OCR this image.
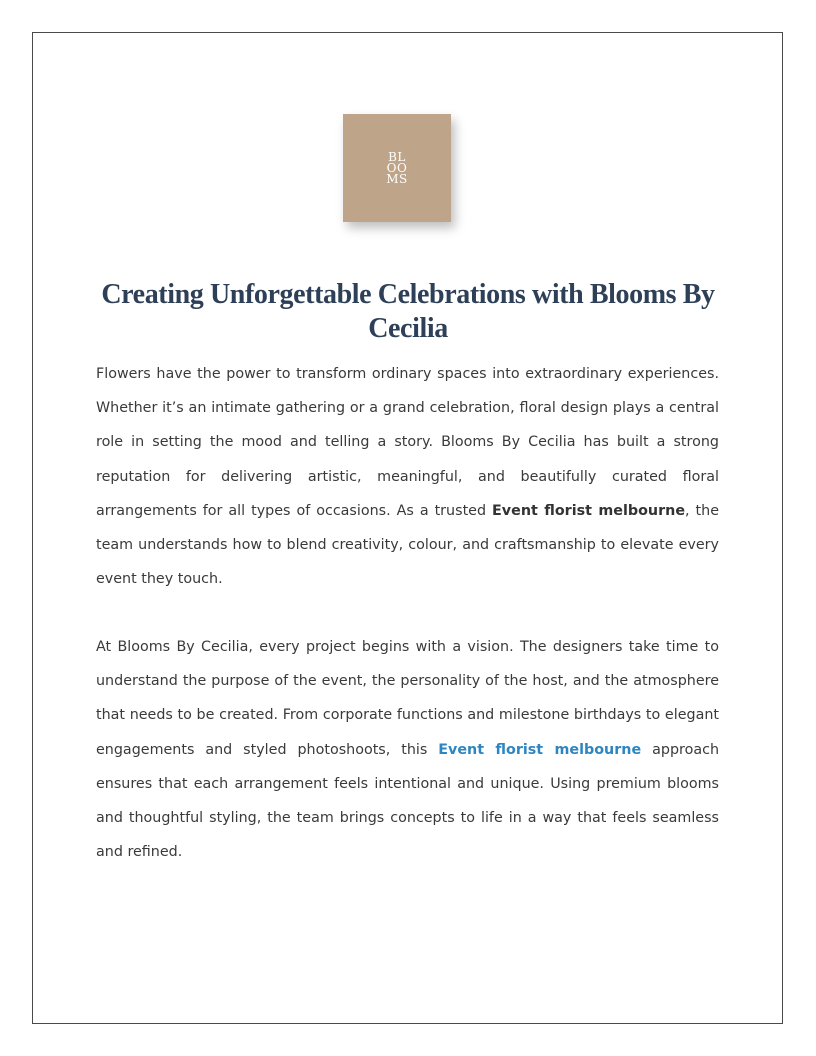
BL
OO
MS
Creating Unforgettable Celebrations with Blooms By Cecilia

Flowers have the power to transform ordinary spaces into extraordinary experiences. Whether it’s an intimate gathering or a grand celebration, floral design plays a central role in setting the mood and telling a story. Blooms By Cecilia has built a strong reputation for delivering artistic, meaningful, and beautifully curated floral arrangements for all types of occasions. As a trusted Event florist melbourne, the team understands how to blend creativity, colour, and craftsmanship to elevate every event they touch.

At Blooms By Cecilia, every project begins with a vision. The designers take time to understand the purpose of the event, the personality of the host, and the atmosphere that needs to be created. From corporate functions and milestone birthdays to elegant engagements and styled photoshoots, this Event florist melbourne approach ensures that each arrangement feels intentional and unique. Using premium blooms and thoughtful styling, the team brings concepts to life in a way that feels seamless and refined.
